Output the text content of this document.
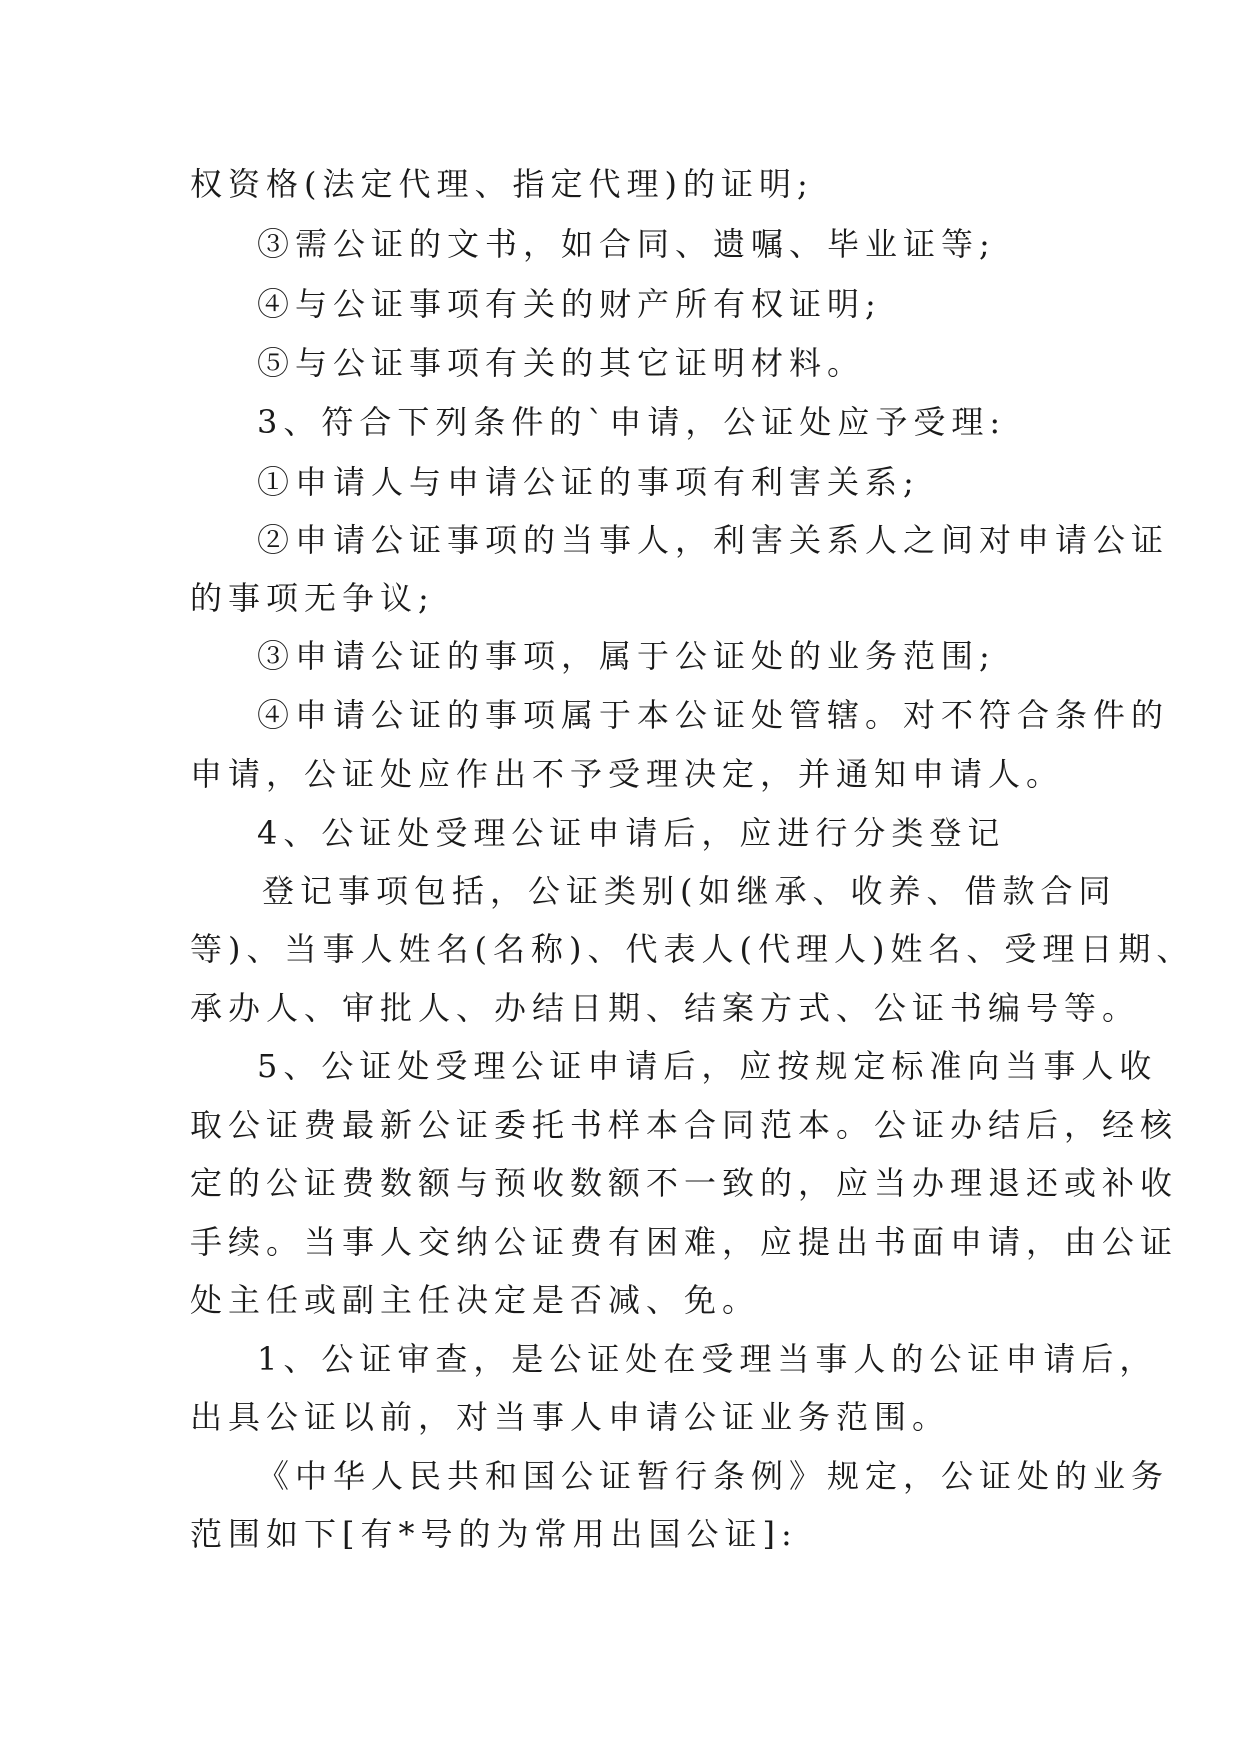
权资格(法定代理、指定代理)的证明;
③需公证的文书，如合同、遗嘱、毕业证等;
④与公证事项有关的财产所有权证明;
⑤与公证事项有关的其它证明材料。
3、符合下列条件的`申请，公证处应予受理:
①申请人与申请公证的事项有利害关系;
②申请公证事项的当事人，利害关系人之间对申请公证
的事项无争议;
③申请公证的事项，属于公证处的业务范围;
④申请公证的事项属于本公证处管辖。对不符合条件的
申请，公证处应作出不予受理决定，并通知申请人。
4、公证处受理公证申请后，应进行分类登记
登记事项包括，公证类别(如继承、收养、借款合同
等)、当事人姓名(名称)、代表人(代理人)姓名、受理日期、
承办人、审批人、办结日期、结案方式、公证书编号等。
5、公证处受理公证申请后，应按规定标准向当事人收
取公证费最新公证委托书样本合同范本。公证办结后，经核
定的公证费数额与预收数额不一致的，应当办理退还或补收
手续。当事人交纳公证费有困难，应提出书面申请，由公证
处主任或副主任决定是否减、免。
1、公证审查，是公证处在受理当事人的公证申请后，
出具公证以前，对当事人申请公证业务范围。
《中华人民共和国公证暂行条例》规定，公证处的业务
范围如下[有*号的为常用出国公证]:
